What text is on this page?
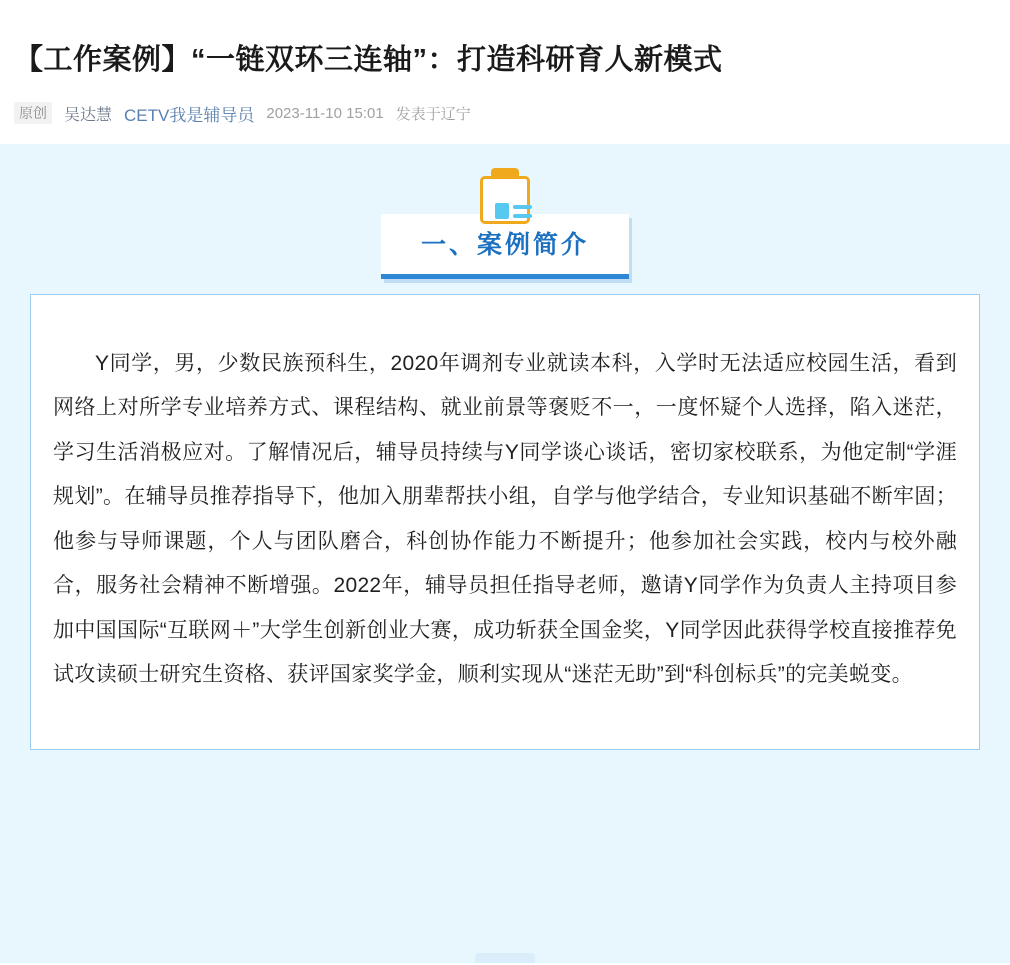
【工作案例】“一链双环三连轴”：打造科研育人新模式
原创	吴达慧 CETV我是辅导员 2023-11-10 15:01 发表于辽宁
一、案例简介

Y同学，男，少数民族预科生，2020年调剂专业就读本科，入学时无法适应校园生活，看到网络上对所学专业培养方式、课程结构、就业前景等褒贬不一，一度怀疑个人选择，陷入迷茫，学习生活消极应对。了解情况后，辅导员持续与Y同学谈心谈话，密切家校联系，为他定制“学涯规划”。在辅导员推荐指导下，他加入朋辈帮扶小组，自学与他学结合，专业知识基础不断牢固；他参与导师课题，个人与团队磨合，科创协作能力不断提升；他参加社会实践，校内与校外融合，服务社会精神不断增强。2022年，辅导员担任指导老师，邀请Y同学作为负责人主持项目参加中国国际“互联网＋”大学生创新创业大赛，成功斩获全国金奖，Y同学因此获得学校直接推荐免试攻读硕士研究生资格、获评国家奖学金，顺利实现从“迷茫无助”到“科创标兵”的完美蜕变。
